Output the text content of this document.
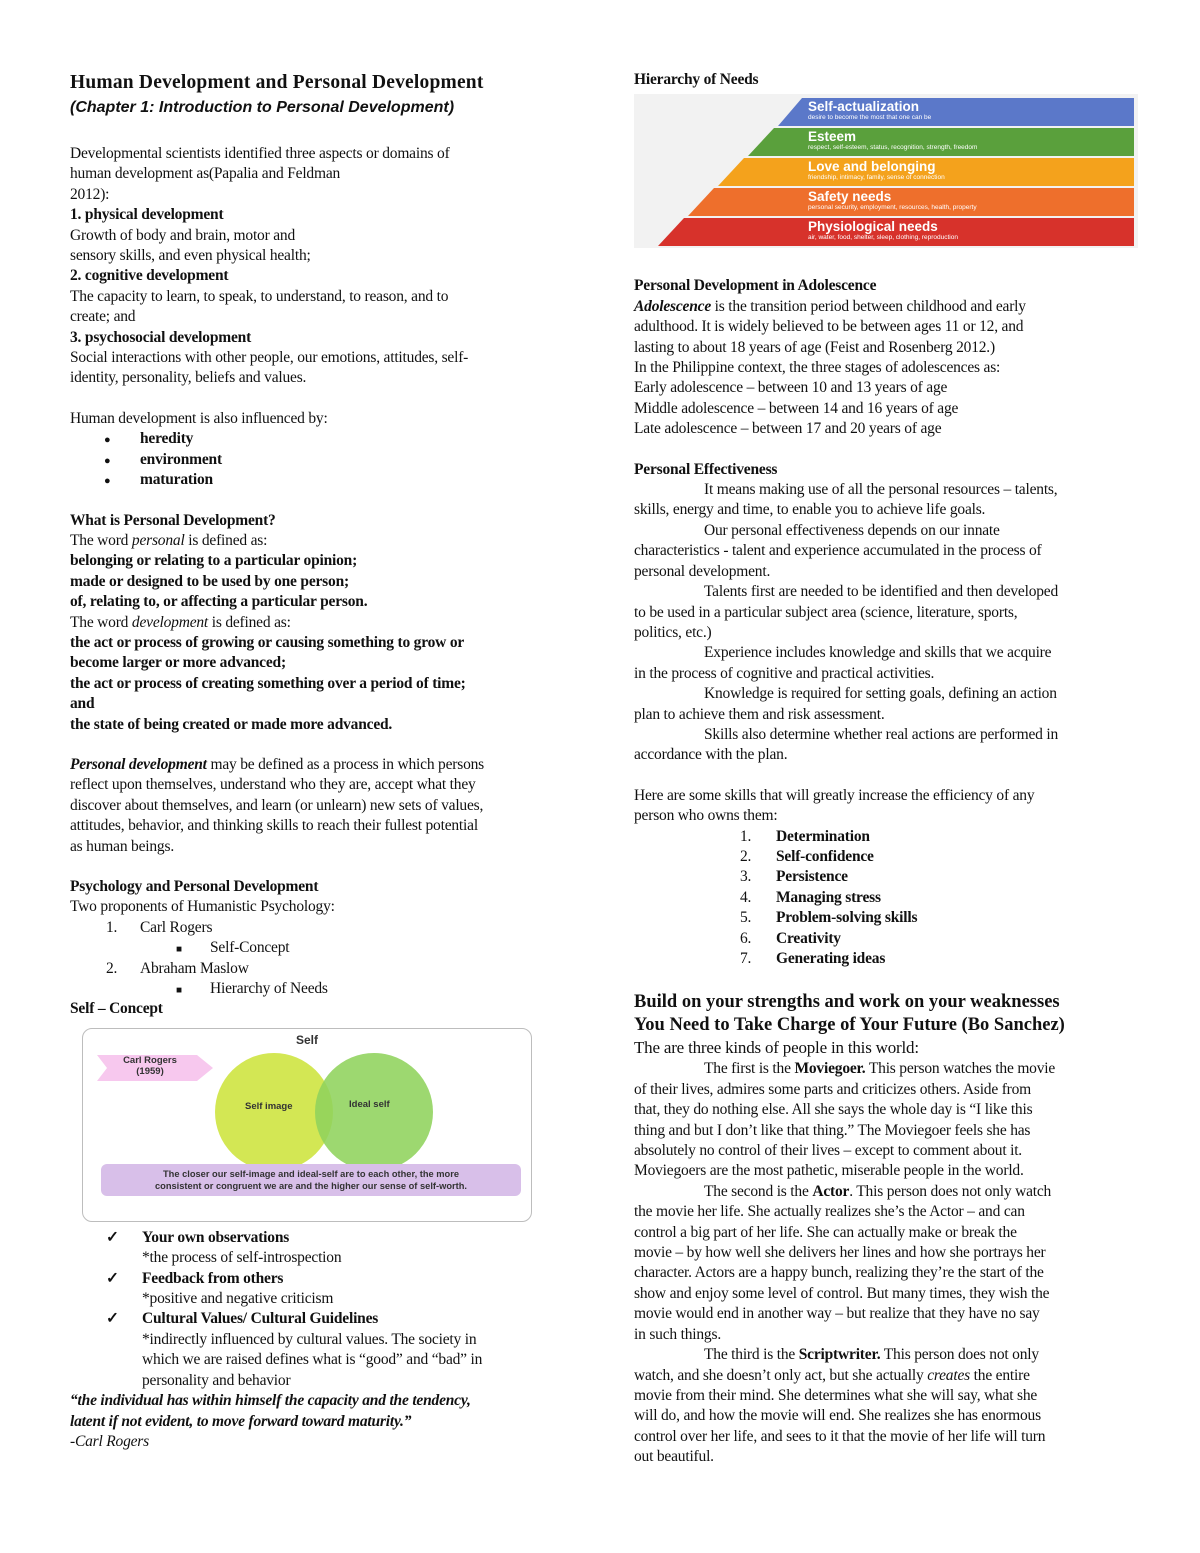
Human Development and Personal Development
(Chapter 1: Introduction to Personal Development)
Developmental scientists identified three aspects or domains of
human development as(Papalia and Feldman
2012):
1. physical development
Growth of body and brain, motor and
sensory skills, and even physical health;
2. cognitive development
The capacity to learn, to speak, to understand, to reason, and to
create; and
3. psychosocial development
Social interactions with other people, our emotions, attitudes, self-
identity, personality, beliefs and values.
Human development is also influenced by:
● heredity
● environment
● maturation
What is Personal Development?
The word personal is defined as:
belonging or relating to a particular opinion;
made or designed to be used by one person;
of, relating to, or affecting a particular person.
The word development is defined as:
the act or process of growing or causing something to grow or
become larger or more advanced;
the act or process of creating something over a period of time;
and
the state of being created or made more advanced.
Personal development may be defined as a process in which persons
reflect upon themselves, understand who they are, accept what they
discover about themselves, and learn (or unlearn) new sets of values,
attitudes, behavior, and thinking skills to reach their fullest potential
as human beings.
Psychology and Personal Development
Two proponents of Humanistic Psychology:
1. Carl Rogers
■ Self-Concept
2. Abraham Maslow
■ Hierarchy of Needs
Self – Concept
Self
Carl Rogers
(1959)
Self image	Ideal self
The closer our self-image and ideal-self are to each other, the more
consistent or congruent we are and the higher our sense of self-worth.
✓ Your own observations
*the process of self-introspection
✓ Feedback from others
*positive and negative criticism
✓ Cultural Values/ Cultural Guidelines
*indirectly influenced by cultural values. The society in
which we are raised defines what is “good” and “bad” in
personality and behavior
“the individual has within himself the capacity and the tendency,
latent if not evident, to move forward toward maturity.”
-Carl Rogers
Hierarchy of Needs
Self-actualization
desire to become the most that one can be
Esteem
respect, self-esteem, status, recognition, strength, freedom
Love and belonging
friendship, intimacy, family, sense of connection
Safety needs
personal security, employment, resources, health, property
Physiological needs
air, water, food, shelter, sleep, clothing, reproduction
Personal Development in Adolescence
Adolescence is the transition period between childhood and early
adulthood. It is widely believed to be between ages 11 or 12, and
lasting to about 18 years of age (Feist and Rosenberg 2012.)
In the Philippine context, the three stages of adolescences as:
Early adolescence – between 10 and 13 years of age
Middle adolescence – between 14 and 16 years of age
Late adolescence – between 17 and 20 years of age
Personal Effectiveness
It means making use of all the personal resources – talents,
skills, energy and time, to enable you to achieve life goals.
Our personal effectiveness depends on our innate
characteristics - talent and experience accumulated in the process of
personal development.
Talents first are needed to be identified and then developed
to be used in a particular subject area (science, literature, sports,
politics, etc.)
Experience includes knowledge and skills that we acquire
in the process of cognitive and practical activities.
Knowledge is required for setting goals, defining an action
plan to achieve them and risk assessment.
Skills also determine whether real actions are performed in
accordance with the plan.
Here are some skills that will greatly increase the efficiency of any
person who owns them:
1. Determination
2. Self-confidence
3. Persistence
4. Managing stress
5. Problem-solving skills
6. Creativity
7. Generating ideas
Build on your strengths and work on your weaknesses
You Need to Take Charge of Your Future (Bo Sanchez)
The are three kinds of people in this world:
The first is the Moviegoer. This person watches the movie
of their lives, admires some parts and criticizes others. Aside from
that, they do nothing else. All she says the whole day is “I like this
thing and but I don’t like that thing.” The Moviegoer feels she has
absolutely no control of their lives – except to comment about it.
Moviegoers are the most pathetic, miserable people in the world.
The second is the Actor. This person does not only watch
the movie her life. She actually realizes she’s the Actor – and can
control a big part of her life. She can actually make or break the
movie – by how well she delivers her lines and how she portrays her
character. Actors are a happy bunch, realizing they’re the start of the
show and enjoy some level of control. But many times, they wish the
movie would end in another way – but realize that they have no say
in such things.
The third is the Scriptwriter. This person does not only
watch, and she doesn’t only act, but she actually creates the entire
movie from their mind. She determines what she will say, what she
will do, and how the movie will end. She realizes she has enormous
control over her life, and sees to it that the movie of her life will turn
out beautiful.
